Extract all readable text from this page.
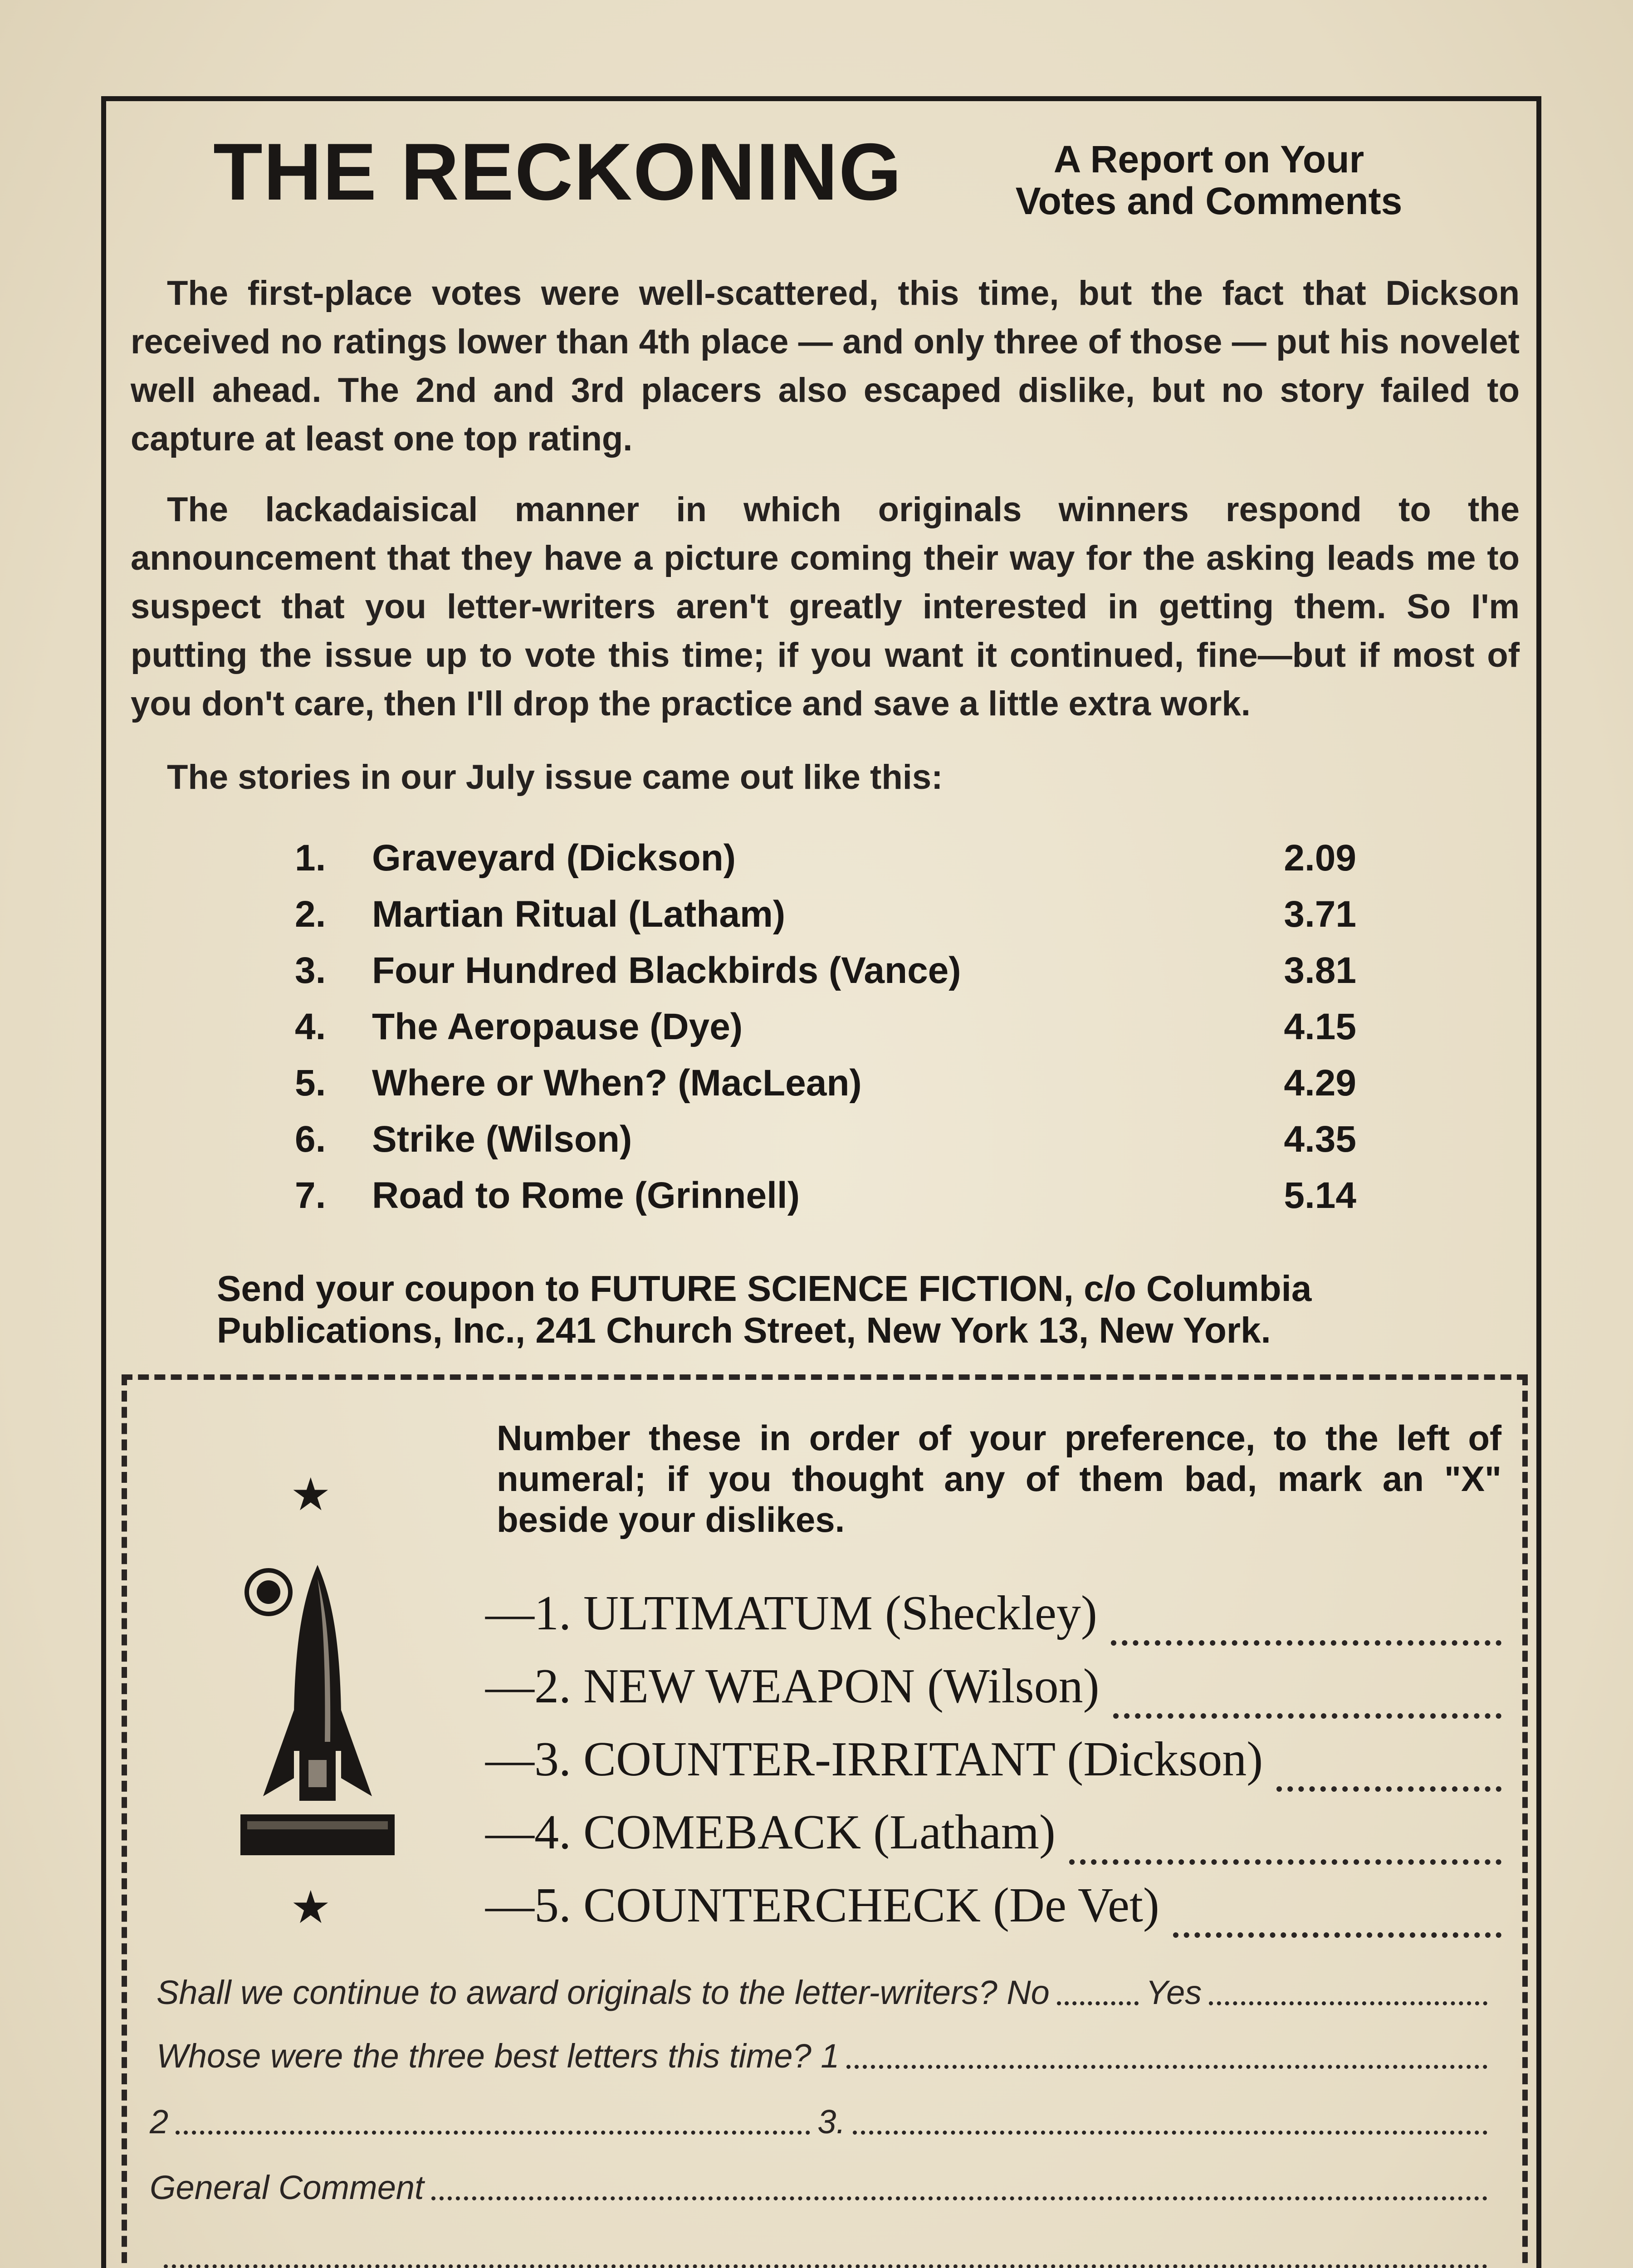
THE RECKONING	A Report on Your
Votes and Comments
The first-place votes were well-scattered, this time, but the fact that Dickson received no ratings lower than 4th place — and only three of those — put his novelet well ahead. The 2nd and 3rd placers also escaped dislike, but no story failed to capture at least one top rating.
The lackadaisical manner in which originals winners respond to the announcement that they have a picture coming their way for the asking leads me to suspect that you letter-writers aren't greatly interested in getting them. So I'm putting the issue up to vote this time; if you want it continued, fine—but if most of you don't care, then I'll drop the practice and save a little extra work.
The stories in our July issue came out like this:
1.	Graveyard (Dickson)	2.09
2.	Martian Ritual (Latham)	3.71
3.	Four Hundred Blackbirds (Vance)	3.81
4.	The Aeropause (Dye)	4.15
5.	Where or When? (MacLean)	4.29
6.	Strike (Wilson)	4.35
7.	Road to Rome (Grinnell)	5.14
Send your coupon to FUTURE SCIENCE FICTION, c/o Columbia Publications, Inc., 241 Church Street, New York 13, New York.
Number these in order of your preference, to the left of numeral; if you thought any of them bad, mark an "X" beside your dislikes.
★
★
—1. ULTIMATUM (Sheckley)
—2. NEW WEAPON (Wilson)
—3. COUNTER-IRRITANT (Dickson)
—4. COMEBACK (Latham)
—5. COUNTERCHECK (De Vet)
Shall we continue to award originals to the letter-writers? No	Yes
Whose were the three best letters this time? 1
2	3.
General Comment
